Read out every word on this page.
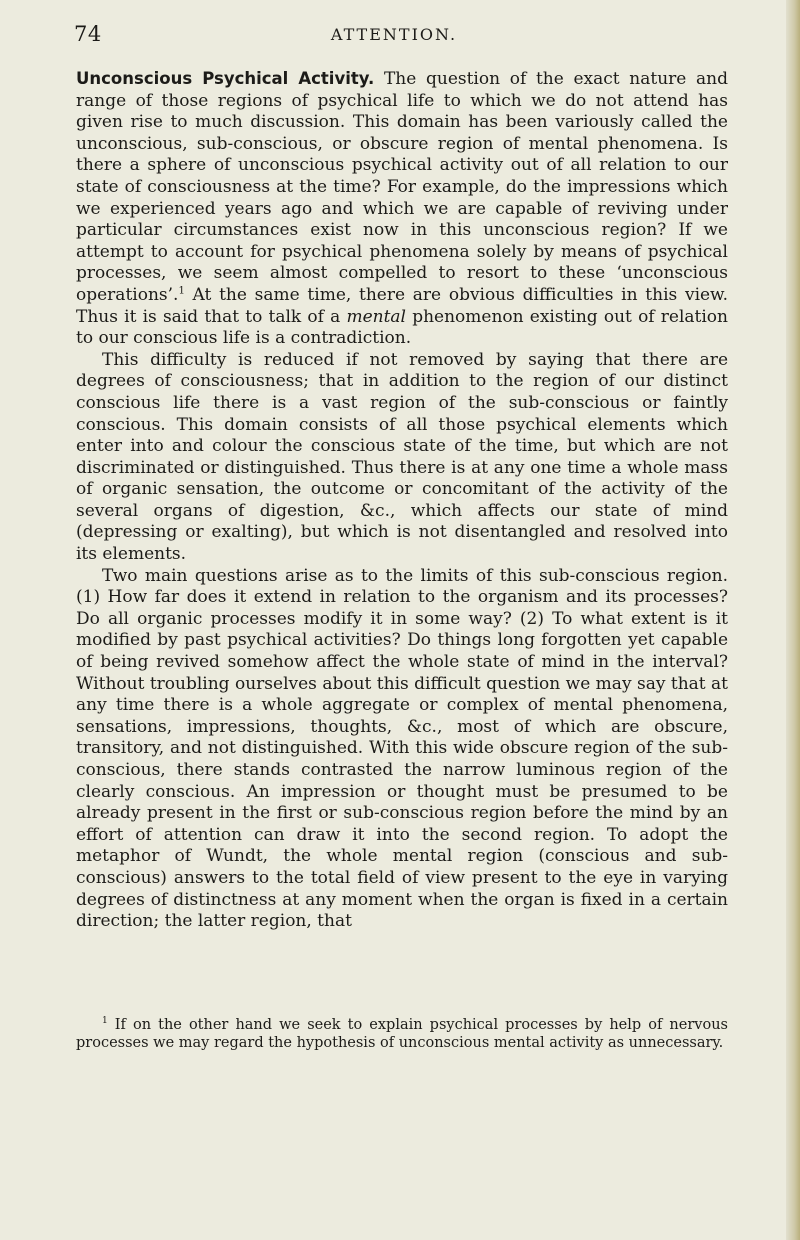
74	ATTENTION.

Unconscious Psychical Activity. The question of the exact nature and range of those regions of psychical life to which we do not attend has given rise to much discussion. This domain has been variously called the unconscious, sub-conscious, or obscure region of mental phenomena. Is there a sphere of unconscious psychical activity out of all relation to our state of consciousness at the time? For example, do the impressions which we experienced years ago and which we are capable of reviving under particular circumstances exist now in this unconscious region? If we attempt to account for psychical phenomena solely by means of psychical processes, we seem almost compelled to resort to these ‘unconscious operations’.$^1$ At the same time, there are obvious difficulties in this view. Thus it is said that to talk of a mental phenomenon existing out of relation to our conscious life is a contradiction.

This difficulty is reduced if not removed by saying that there are degrees of consciousness; that in addition to the region of our distinct conscious life there is a vast region of the sub-conscious or faintly conscious. This domain consists of all those psychical elements which enter into and colour the conscious state of the time, but which are not discriminated or distinguished. Thus there is at any one time a whole mass of organic sensation, the outcome or concomitant of the activity of the several organs of digestion, &c., which affects our state of mind (depressing or exalting), but which is not disentangled and resolved into its elements.

Two main questions arise as to the limits of this sub-conscious region. (1) How far does it extend in relation to the organism and its processes? Do all organic processes modify it in some way? (2) To what extent is it modified by past psychical activities? Do things long forgotten yet capable of being revived somehow affect the whole state of mind in the interval? Without troubling ourselves about this difficult question we may say that at any time there is a whole aggregate or complex of mental phenomena, sensations, impressions, thoughts, &c., most of which are obscure, transitory, and not distinguished. With this wide obscure region of the sub-conscious, there stands contrasted the narrow luminous region of the clearly conscious. An impression or thought must be presumed to be already present in the first or sub-conscious region before the mind by an effort of attention can draw it into the second region. To adopt the metaphor of Wundt, the whole mental region (conscious and sub-conscious) answers to the total field of view present to the eye in varying degrees of distinctness at any moment when the organ is fixed in a certain direction; the latter region, that

$^1$ If on the other hand we seek to explain psychical processes by help of nervous processes we may regard the hypothesis of unconscious mental activity as unnecessary.
